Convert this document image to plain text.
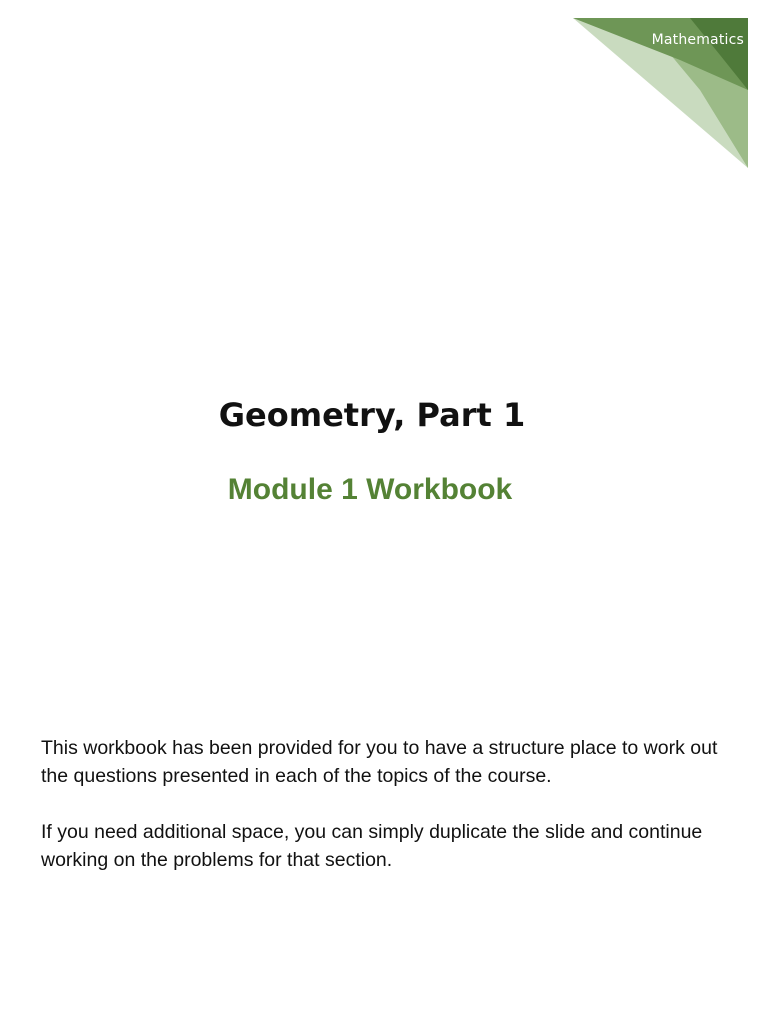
Mathematics
Geometry, Part 1
Module 1 Workbook

This workbook has been provided for you to have a structure place to work out the questions presented in each of the topics of the course.

If you need additional space, you can simply duplicate the slide and continue working on the problems for that section.
